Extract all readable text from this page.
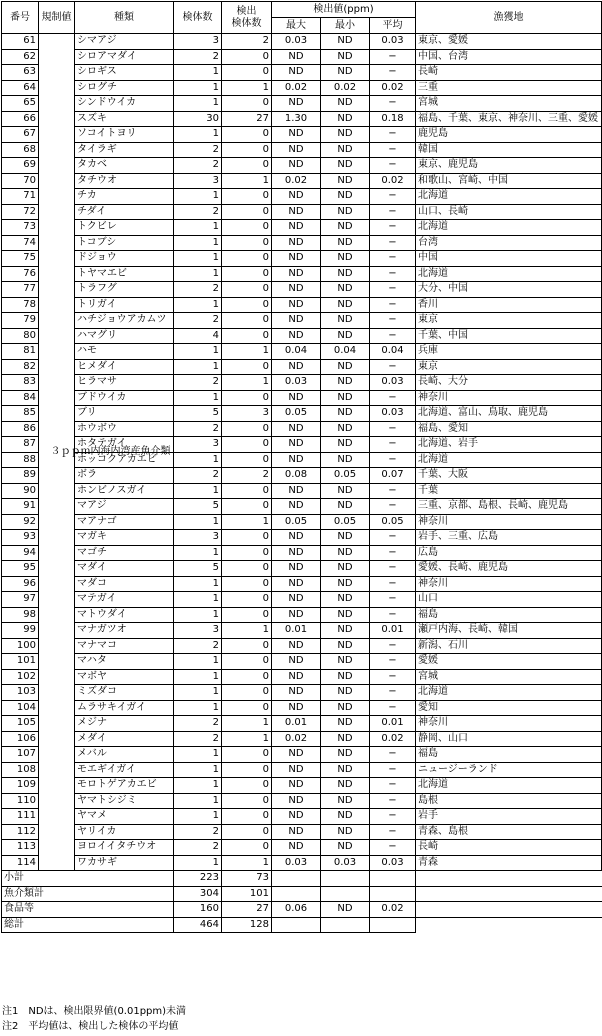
番号	規制値	種類	検体数	検出
検体数	検出値(ppm)			漁獲地
					最大	最小	平均	
61	３ｐｐｍ内海内湾産魚介類	シマアジ	3	2	0.03	ND	0.03	東京、愛媛
62		シロアマダイ	2	0	ND	ND	−	中国、台湾
63		シロギス	1	0	ND	ND	−	長崎
64		シログチ	1	1	0.02	0.02	0.02	三重
65		シンドウイカ	1	0	ND	ND	−	宮城
66		スズキ	30	27	1.30	ND	0.18	福島、千葉、東京、神奈川、三重、愛媛
67		ソコイトヨリ	1	0	ND	ND	−	鹿児島
68		タイラギ	2	0	ND	ND	−	韓国
69		タカベ	2	0	ND	ND	−	東京、鹿児島
70		タチウオ	3	1	0.02	ND	0.02	和歌山、宮崎、中国
71		チカ	1	0	ND	ND	−	北海道
72		チダイ	2	0	ND	ND	−	山口、長崎
73		トクビレ	1	0	ND	ND	−	北海道
74		トコブシ	1	0	ND	ND	−	台湾
75		ドジョウ	1	0	ND	ND	−	中国
76		トヤマエビ	1	0	ND	ND	−	北海道
77		トラフグ	2	0	ND	ND	−	大分、中国
78		トリガイ	1	0	ND	ND	−	香川
79		ハチジョウアカムツ	2	0	ND	ND	−	東京
80		ハマグリ	4	0	ND	ND	−	千葉、中国
81		ハモ	1	1	0.04	0.04	0.04	兵庫
82		ヒメダイ	1	0	ND	ND	−	東京
83		ヒラマサ	2	1	0.03	ND	0.03	長崎、大分
84		ブドウイカ	1	0	ND	ND	−	神奈川
85		ブリ	5	3	0.05	ND	0.03	北海道、富山、鳥取、鹿児島
86		ホウボウ	2	0	ND	ND	−	福島、愛知
87		ホタテガイ	3	0	ND	ND	−	北海道、岩手
88		ホッコクアカエビ	1	0	ND	ND	−	北海道
89		ボラ	2	2	0.08	0.05	0.07	千葉、大阪
90		ホンビノスガイ	1	0	ND	ND	−	千葉
91		マアジ	5	0	ND	ND	−	三重、京都、島根、長崎、鹿児島
92		マアナゴ	1	1	0.05	0.05	0.05	神奈川
93		マガキ	3	0	ND	ND	−	岩手、三重、広島
94		マゴチ	1	0	ND	ND	−	広島
95		マダイ	5	0	ND	ND	−	愛媛、長崎、鹿児島
96		マダコ	1	0	ND	ND	−	神奈川
97		マテガイ	1	0	ND	ND	−	山口
98		マトウダイ	1	0	ND	ND	−	福島
99		マナガツオ	3	1	0.01	ND	0.01	瀬戸内海、長崎、韓国
100		マナマコ	2	0	ND	ND	−	新潟、石川
101		マハタ	1	0	ND	ND	−	愛媛
102		マボヤ	1	0	ND	ND	−	宮城
103		ミズダコ	1	0	ND	ND	−	北海道
104		ムラサキイガイ	1	0	ND	ND	−	愛知
105		メジナ	2	1	0.01	ND	0.01	神奈川
106		メダイ	2	1	0.02	ND	0.02	静岡、山口
107		メバル	1	0	ND	ND	−	福島
108		モエギイガイ	1	0	ND	ND	−	ニュージーランド
109		モロトゲアカエビ	1	0	ND	ND	−	北海道
110		ヤマトシジミ	1	0	ND	ND	−	島根
111		ヤマメ	1	0	ND	ND	−	岩手
112		ヤリイカ	2	0	ND	ND	−	青森、島根
113		ヨロイイタチウオ	2	0	ND	ND	−	長崎
114		ワカサギ	1	1	0.03	0.03	0.03	青森
小計			223	73				
魚介類計			304	101				
食品等			160	27	0.06	ND	0.02	
総計			464	128				
注1　NDは、検出限界値(0.01ppm)未満
注2　平均値は、検出した検体の平均値
